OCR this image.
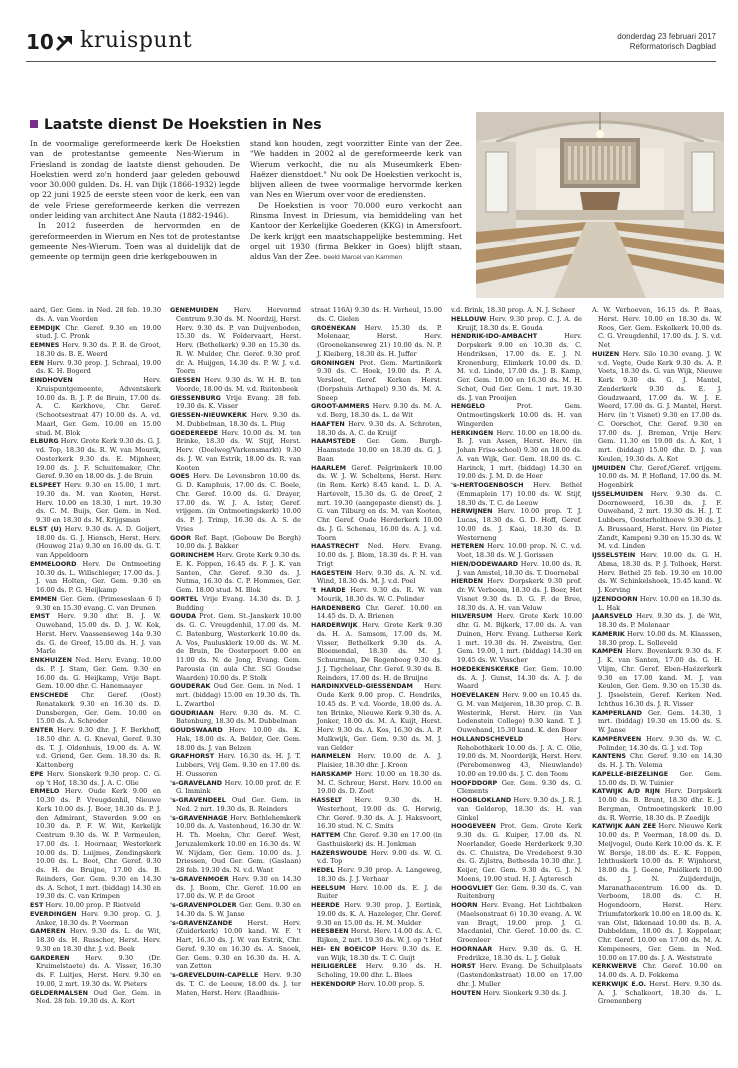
10 kruispunt	donderdag 23 februari 2017
Reformatorisch Dagblad
Laatste dienst De Hoekstien in Nes

In de voormalige gereformeerde kerk De Hoekstien van de protestantse gemeente Nes-Wierum in Friesland is zondag de laatste dienst gehouden. De Hoekstien werd zo'n honderd jaar geleden gebouwd voor 30.000 gulden. Ds. H. van Dijk (1866-1932) legde op 22 juni 1925 de eerste steen voor de kerk, een van de vele Friese gereformeerde kerken die verrezen onder leiding van architect Ane Nauta (1882-1946).

In 2012 fuseerden de hervormden en de gereformeerden in Wierum en Nes tot de protestantse gemeente Nes-Wierum. Toen was al duidelijk dat de gemeente op termijn geen drie kerkgebouwen in

stand kon houden, zegt voorzitter Einte van der Zee. "We hadden in 2002 al de gereformeerde kerk van Wierum verkocht, die nu als Museumkerk Eben-Haëzer dienstdoet." Nu ook De Hoekstien verkocht is, blijven alleen de twee voormalige hervormde kerken van Nes en Wierum over voor de erediensten.

De Hoekstien is voor 70.000 euro verkocht aan Rinsma Invest in Driesum, via bemiddeling van het Kantoor der Kerkelijke Goederen (KKG) in Amersfoort. De kerk krijgt een maatschappelijke bestemming. Het orgel uit 1930 (firma Bekker in Goes) blijft staan, aldus Van der Zee. beeld Marcel van Kammen

aard, Ger. Gem. in Ned. 28 feb. 19.30 ds. A. van Voorden

EEMDIJK Chr. Geref. 9.30 en 19.00 stud. J. C. Pronk

EEMNES Herv. 9.30 ds. P. B. de Groot, 18.30 ds. B. E. Weerd

EEN Herv. 9.30 prop. J. Schraal, 19.00 ds. K. H. Bogerd

EINDHOVEN	Herv. Kruispuntgemeente, Adventskerk 10.00 ds. B. J. P. de Bruin, 17.00 ds. A. C. Kerkhove, Chr. Geref. (Schootsestraat 47) 10.00 ds. A. vd. Maarl, Ger. Gem. 10.00 en 15.00 stud. M. Blok

ELBURG Herv. Grote Kerk 9.30 ds. G. J. vd. Top, 18.30 ds. R. W. van Mourik, Oosterkerk 9.30 ds. E. Mijnheer, 19.00 ds. J. F. Schuitemaker, Chr. Geref. 9.30 en 18.00 ds. J. de Bruin

ELSPEET Herv. 9.30 en 15.00, 1 mrt. 19.30 ds. M. van Kooten, Herst. Herv. 10.00 en 18.30, 1 mrt. 19.30 ds. C. M. Buijs, Ger. Gem. in Ned. 9.30 en 18.30 ds. M. Krijgsman

ELST (U) Herv. 9.30 ds. A. D. Goijert, 18.00 ds. G. J. Hiensch, Herst. Herv. (Houweg 21a) 9.30 en 16.00 ds. G. T. van Appeldoorn

EMMELOORD Herv. De Ontmoeting 10.30 ds. L. Willschleger, 17.00 ds. J. J. van Holten, Ger. Gem. 9.30 en 16.00 ds. P. G. Heijkamp

EMMEN Ger. Gem. (Primeseslaan 6 I) 9.30 en 15.30 evang. C. van Drunen

EMST Herv. 9.30 dhr. B. J. W. Ouwehand, 15.00 ds. D. J. W. Kok, Herst. Herv. Vaassenseweg 14a 9.30 ds. G. de Greef, 15.00 ds. H. J. van Marle

ENKHUIZEN Ned. Herv. Evang. 10.00 ds. P. J. Stam, Ger. Gem. 9.30 en 16.00 ds. G. Heijkamp, Vrije Bapt. Gem. 10.00 dhr. C. Hanemaayer

ENSCHEDE Chr. Geref. (Oost) Renatakerk 9.30 en 16.30 ds. D. Dunsbergen, Ger. Gem. 10.00 en 15.00 ds. A. Schroder

ENTER Herv. 9.30 dhr. J. F. Berkhoff, 18.50 dhr. A. G. Kneval, Geref. 9.30 ds. T. J. Oldenhuis, 19.00 ds. A. W. v.d. Griend, Ger. Gem. 18.30 ds. R. Kattenberg

EPE Herv. Sionskerk 9.30 prop. C. G. op 't Hof, 18.30 ds. J. A. C. Olie

ERMELO Herv. Oude Kerk 9.00 en 10.30 ds. P. Vreugdenhil, Nieuwe Kerk 10.00 ds. J. Boer, 18.30 ds. P. J. den Admirant, Staverden 9.00 en 10.30 ds. P. F. W. Wit, Kerkelijk Centrum 9.30 ds. W. P. Vermeulen, 17.00 ds. I. Hoornaar, Westerkerk 10.00 ds. D. Luijmes, Zendingskerk 10.00 ds. L. Boot, Chr. Geref. 9.30 ds. H. de Bruijne, 17.00 ds. B. Reinders, Ger. Gem. 9.30 en 14.30 ds. A. Schot, 1 mrt. (biddag) 14.30 en 19.30 ds. C. van Krimpen

EST Herv. 10.00 prop. P. Rietveld

EVERDINGEN Herv. 9.30 prop. G. J. Anker, 18.30 ds. P. Veerman

GAMEREN Herv. 9.30 ds. L. de Wit, 18.30 ds. H. Russcher, Herst. Herv. 9.30 en 18.30 dhr. J. v.d. Beek

GARDEREN Herv. 9.30 (Dr. Kruimelstaete) ds. A. Visser, 16.30 ds. F. Luitjes, Herst. Herv. 9.30 en 19.00, 2 mrt. 19.30 ds. W. Pieters

GELDERMALSEN Oud Ger. Gem. in Ned. 28 feb. 19.30 ds. A. Kort

GENEMUIDEN Herv. Hervormd Centrum 9.30 ds. M. Noordzij, Herst. Herv. 9.30 ds. P. van Duijvenboden, 15.30 ds. W. Foldervaart, Herst. Herv. (Bethelkerk) 9.30 en 15.30 ds. R. W. Mulder, Chr. Geref. 9.30 prof. dr. A. Huijgen, 14.30 ds. P. W. J. v.d. Toorn

GIESSEN Herv. 9.30 ds. W. H. B. ten Voorde, 18.00 ds. M. v.d. Ruitenbeek

GIESSENBURG Vrije Evang. 28 feb. 19.30 ds. K. Visser

GIESSEN-NIEUWKERK Herv. 9.30 ds. M. Dubbelman, 18.30 ds. L. Plug

GOEDEREEDE Herv. 10.00 ds. M. ten Brinke, 18.30 ds. W. Stijf, Herst. Herv. (Doelweg/Varkensmarkt) 9.30 ds. J. W. van Estrik, 18.00 ds. R. van Kooten

GOES Herv. De Levensbron 10.00 ds. G. D. Kamphuis, 17.00 ds. C. Boele, Chr. Geref. 10.00 ds. G. Drayer, 17.00 ds. W. J. A. Ister, Geref. vrijgem. (in Ontmoetingskerk) 10.00 ds. P. J. Trimp, 16.30 ds. A. S. de Vries

GOOR Ref. Bapt. (Gebouw De Borgh) 10.00 ds. J. Bakker

GORINCHEM Herv. Grote Kerk 9.30 ds. E. K. Foppen, 16.45 ds. F. J. K. van Santen, Chr. Geref. 9.30 ds. J. Nutma, 16.30 ds. C. P. Hommes, Ger. Gem. 18.00 stud. M. Blok

GORTEL Vrije Evang. 14.30 ds. D. J. Budding

GOUDA Prot. Gem. St.-Janskerk 10.00 ds. G. C. Vreugdenhil, 17.00 ds. M. C. Batenburg, Westerkerk 10.00 ds. A. Vos, Paulusklerk 19.00 ds. W. M. de Bruin, De Oosterpoort 9.00 en 11.00 ds. N. de Jong, Evang. Gem. Parousia (in aula Chr. SG Goudse Waarden) 10.00 ds. P. Stolk

GOUDERAK Oud Ger. Gem. in Ned. 1 mrt. (biddag) 15.00 en 19.30 ds. Th. L. Zwartbol

GOUDRIAAN Herv. 9.30 ds. M. C. Batenburg, 18.30 ds. M. Dubbelman

GOUDSWAARD Herv. 10.00 ds. K. Hak, 18.00 ds. A. Belder, Ger. Gem. 18.00 ds. J. van Belzen

GRAFHORST Herv. 16.30 ds. H. J. T. Lubbers, Vrij Gem. 9.30 en 17.00 ds. H. Oussoren

's-GRAVELAND Herv. 10.00 prof. dr. F. G. Immink

's-GRAVENDEEL Oud Ger. Gem. in Ned. 2 mrt. 19.30 ds. B. Reinders

's-GRAVENHAGE Herv. Bethlehemkerk 10.00 ds. A. Vastenhoud, 16.30 dr. W. H. Th. Moehn, Chr. Geref. West, Jeruzalemkerk 10.00 en 16.30 ds. W. W. Nijdam, Ger. Gem. 10.00 ds. J. Driessen, Oud Ger. Gem. (Gaslaan) 28 feb. 19.30 ds. N. v.d. Want

's-GRAVENMOER Herv. 9.30 en 14.30 ds. J. Boom, Chr. Geref. 10.00 en 17.00 ds. W. P. de Groot

's-GRAVENPOLDER Ger. Gem. 9.30 en 14.30 ds. S. W. Janse

's-GRAVENZANDE Herst. Herv. (Zuiderkerk) 10.00 kand. W. F. 't Hart, 16.30 ds. J. W. van Estrik, Chr. Geref. 9.30 en 16.30 ds. A. Snoek, Ger. Gem. 9.30 en 16.30 ds. H. A. van Zetten

's-GREVELDUIN-CAPELLE Herv. 9.30 ds. T. C. de Leeuw, 18.00 ds. J. ter Maten, Herst. Herv. (Raadhuis-

straat 116A) 9.30 ds. H. Verheul, 15.00 ds. C. Gielen

GROENEKAN Herv. 15.30 ds. P. Molenaar, Herst. Herv. (Groenekanseweg 21) 10.00 ds. N. P. J. Kleiberg, 18.30 ds. H. Juffer

GRONINGEN Prot. Gem. Martinikerk 9.30 ds. C. Hoek, 19.00 ds. P. A. Versloot, Geref. Kerken Herst. (Dorpshuis Arthapel) 9.30 ds. M. A. Sneep

GROOT-AMMERS Herv. 9.30 ds. M. A. v.d. Berg, 18.30 ds. L. de Wit

HAAFTEN Herv. 9.30 ds. A. Schroten, 18.30 ds. A. C. de Kruijf

HAAMSTEDE Ger. Gem. Burgh-Haamstede 10.00 en 18.30 ds. G. J. Baan

HAARLEM Geref. Pelgrimkerk 10.00 ds. W. J. W. Scheltens, Herst. Herv. (in Rem. Kerk) 8.45 kand. L. D. A. Hartevelt, 15.30 ds. G. de Greef, 2 mrt. 19.30 (aangepaste dienst) ds. J. G. van Tilburg en ds. M. van Kooten, Chr. Geref. Oude Herderkerk 10.00 ds. J. G. Schenau, 16.00 ds. A. J. v.d. Toorn

HAASTRECHT Ned. Herv. Evang. 10.00 ds. J. Blom, 18.30 ds. P. H. van Trigt

HAGESTEIN Herv. 9.30 ds. A. N. v.d. Wind, 18.30 ds. M. J. v.d. Poel

't HARDE Herv. 9.30 ds. R. W. van Mourik, 18.30 ds. W. C. Polinder

HARDENBERG Chr. Geref. 10.00 en 14.45 ds. D. A. Brienen

HARDERWIJK Herv. Grote Kerk 9.30 ds. H. A. Samsom, 17.00 ds. M. Visser, Bethelkerk 9.30 ds. A. Bloemendal, 18.30 ds. M. J. Schuurman, De Regenboog 9.30 ds. J. J. Tigchelaar, Chr. Geref. 9.30 ds. B. Reinders, 17.00 ds. H. de Bruijne

HARDINXVELD-GIESSENDAM Herv. Oude Kerk 9.00 prop. C. Hendriks, 10.45 ds. P. v.d. Voorde, 18.00 ds. A. ten Brinke, Nieuwe Kerk 9.30 ds. A. Jonker, 18.00 ds. M. A. Kuijt, Herst. Herv. 9.30 ds. A. Kos, 16.30 ds. A. P. Mulkwijk, Ger. Gem. 9.30 ds. M. J. van Gelder

HARMELEN Herv. 10.00 dr. A. J. Plaisier, 18.30 dhr. J. Kroon

HARSKAMP Herv. 10.00 en 18.30 ds. M. C. Schreur, Herst. Herv. 10.00 en 19.00 ds. D. Zoet

HASSELT Herv. 9.30 ds. H. Westerhout, 19.00 ds. G. Herwig, Chr. Geref. 9.30 ds. A. J. Haksvoort, 16.30 stud. N. C. Smits

HATTEM Chr. Geref. 9.30 en 17.00 (in Gasthuiskerk) ds. H. Jonkman

HAZERSWOUDE Herv. 9.00 ds. W. G. v.d. Top

HEDEL Herv. 9.30 prop. A. Langeweg, 18.30 ds. J. J. Verhaar

HEELSUM Herv. 10.00 ds. E. J. de Ruiter

HEERDE Herv. 9.30 prop. J. Eertink, 19.00 ds. K. A. Hazeleger, Chr. Geref. 9.30 en 15.00 ds. H. M. Mulder

HEESBEEN Herst. Herv. 14.00 ds. A. C. Rijken, 2 mrt. 19.30 ds. W. J. op 't Hof

HEI- EN BOEICOP Herv. 9.30 ds. E. van Wijk, 18.30 ds. T. C. Guijt

HEILIGERLEE Herv. 9.30 ds. H. Scholing, 19.00 dhr. L. Blees

HEKENDORP Herv. 10.00 prop. S.

v.d. Brink, 18.30 prop. A. N. J. Scheer

HELLOUW Herv. 9.30 prop. C. J. A. de Kruijf, 18.30 ds. E. Gouda

HENDRIK-IDO-AMBACHT	Herv. Dorpskerk 9.00 en 10.30 ds. C. Hendriksen, 17.00 ds. E. J. N. Kronenburg, Elimkerk 10.00 ds. D. M. v.d. Linde, 17.00 ds. J. B. Kamp, Ger. Gem. 10.00 en 16.30 ds. M. H. Schot, Oud Ger. Gem. 1 mrt. 19.30 ds. J. van Prooijen

HENGELO	Prot. Gem. Ontmoetingskerk 10.00 ds. H. van Wingerden

HERKINGEN Herv. 10.00 en 18.00 ds. B. J. van Assen, Herst. Herv. (in Johan Friso-school) 9.30 en 18.00 ds. A. van Wijk, Ger. Gem. 18.00 ds. C. Harinck, 1 mrt. (biddag) 14.30 en 19.00 ds. J. M. D. de Heer

's-HERTOGENBOSCH Herv. Bethel (Emmaplein 17) 10.00 ds. W. Stijf, 18.30 ds. T. C. de Leeuw

HERWIJNEN Herv. 10.00 prop. T. J. Lucas, 18.30 ds. G. D. Hoff, Geref. 10.00 ds. J. Kaai, 18.30 ds. D. Westerneng

HETEREN Herv. 10.00 prop. N. C. v.d. Voet, 18.30 ds. W. J. Gorissen

HIEN/DODEWAARD Herv. 10.00 ds. R. J. van Amstel, 18.30 ds. T. Doornebal

HIERDEN Herv. Dorpskerk 9.30 prof. dr. W. Verboom, 18.30 ds. J. Boer, Het Visnet 9.30 ds. D. G. F. de Bree, 18.30 ds. A. H. van Veluw

HILVERSUM Herv. Grote Kerk 10.00 dhr. G. M. Bijkerk, 17.00 ds. A. van Duinen, Herv. Evang. Lutherse Kerk 1 mrt. 19.30 ds. H. Zweistra, Ger. Gem. 19.00, 1 mrt. (biddag) 14.30 en 19.45 ds. W. Visscher

HOEDEKENSKERKE Ger. Gem. 10.00 ds. A. J. Gunst, 14.30 ds. A. J. de Waard

HOEVELAKEN Herv. 9.00 en 10.45 ds. G. M. van Meijeren, 18.30 prop. C. B. Westerink, Herst. Herv. (in Van Lodenstein College) 9.30 kand. T. J. Ouwehand, 15.30 kand. K. den Boer

HOLLANDSCHEVELD	Herv. Rehobothkerk 10.00 ds. J. A. C. Olie, 19.00 ds. M. Noorderijk, Herst. Herv. (Perebomenweg 43, Nieuwlande) 10.00 en 19.00 ds. J. C. den Toom

HOOFDDORP Ger. Gem. 9.30 ds. G. Clements

HOOGBLOKLAND Herv. 9.30 ds. J. R. J. van Gelderop, 18.30 ds. H. van Ginkel

HOOGEVEEN Prot. Gem. Grote Kerk 9.30 ds. G. Kuiper, 17.00 ds. N. Noorlander, Goede Herderkerk 9.30 ds. C. Chuistra, De Vredehorst 9.30 ds. G. Zijlstra, Bethesda 10.30 dhr. J. Keijer, Ger. Gem. 9.30 ds. G. J. N. Moens, 19.00 stud. H. J. Agteresch

HOOGVLIET Ger. Gem. 9.30 ds. C. van Ruitenburg

HOORN Herv. Evang. Het Lichtbaken (Maelsonstraat 6) 10.30 evang. A. W. van Bragt, 19.00 prop. J. G. Macdaniel, Chr. Geref. 10.00 ds. C. Groenleer

HOORNAAR Herv. 9.30 ds. G. H. Fredrikze, 18.30 ds. L. J. Geluk

HORST Herv. Evang. De Schuilplaats (Gastendonkstraat) 10.00 en 17.00 dhr. J. Muller

HOUTEN Herv. Sionkerk 9.30 ds. J.

A. W. Verhoeven, 16.15 ds. P. Baas, Herst. Herv. 10.00 en 18.30 ds. W. Roos, Ger. Gem. Eskolkerk 10.00 ds. C. G. Vreugdenhil, 17.00 ds. J. S. v.d. Net

HUIZEN Herv. Silo 10.30 evang. J. W. v.d. Vegte, Oude Kerk 9.30 ds. A. P. Voets, 18.30 ds. G. van Wijk, Nieuwe Kerk 9.30 ds. G. J. Mantel, Zenderkerk 9.30 ds. E. J. Goudzwaard, 17.00 ds. W. J. E. Weerd, 17.00 ds. G. J. Mantel, Herst. Herv. (in 't Visnet) 9.30 en 17.00 ds. C. Oorschot, Chr. Geref. 9.30 en 17.00 ds. J. Breman, Vrije Herv. Gem. 11.30 en 19.00 ds. A. Kot, 1 mrt. (biddag) 15.00 dhr. D. J. van Keulen, 19.30 ds. A. Kot

IJMUIDEN Chr. Geref./Geref. vrijgem. 10.00 ds. M. P. Hofland, 17.00 ds. M. Hogenbirk

IJSSELMUIDEN Herv. 9.30 ds. C. Doorneweerd, 16.30 ds. J. F. Ouwehand, 2 mrt. 19.30 ds. H. J. T. Lubbers, Oosterholthoeve 9.30 ds. J. A. Brussaard, Herst. Herv. (in Pieter Zandt, Kampen) 9.30 en 15.30 ds. W. M. v.d. Linden

IJSSELSTEIN Herv. 10.00 ds. G. H. Abma, 18.30 ds. P. J. Tolhoek, Herst. Herv. Bethel 25 feb. 19.30 en 10.00 ds. W. Schinkelshoek, 15.45 kand. W. J. Korving

IJZENDOORN Herv. 10.00 en 18.30 ds. L. Hak

JAARSVELD Herv. 9.30 ds. J. de Wit, 18.30 ds. P. Molenaar

KAMERIK Herv. 10.00 ds. M. Klaassen, 18.30 prop. L. Solleveld

KAMPEN Herv. Bovenkerk 9.30 ds. F. J. K. van Santen, 17.00 ds. G. H. Vlijm, Chr. Geref. Eben-Haëzerkerk 9.30 en 17.00 kand. M. J. van Keulen, Ger. Gem. 9.30 en 15.30 ds. J. IJsselstein, Geref. Kerken Ned. Ichthus 16.30 ds. J. R. Visser

KAMPERLAND Ger. Gem. 14.30, 1 mrt. (biddag) 19.30 en 15.00 ds. S. W. Janse

KAMPERVEEN Herv. 9.30 ds. W. C. Polinder, 14.30 ds. G. J. v.d. Top

KANTENS Chr. Geref. 9.30 en 14.30 ds. H. J. Th. Velema

KAPELLE-BIEZELINGE Ger. Gem. 15.00 ds. D. W. Tuinier

KATWIJK A/D RIJN Herv. Dorpskerk 10.00 ds. B. Brunt, 18.30 dhr. E. J. Bergman, Ontmoetingskerk 10.00 ds. R. Werrie, 18.30 ds. P. Zeedijk

KATWIJK AAN ZEE Herv. Nieuwe Kerk 10.00 ds. P. Veerman, 18.00 ds. D. Meijvogel, Oude Kerk 10.00 ds. K. F. W. Borsje, 18.00 ds. E. K. Foppen, Ichthuskerk 10.00 ds. F. Wijnhorst, 18.00 ds. J. Geene, Pniëlkerk 10.00 ds. J. N. Zuijderduijn, Maranathacentrum 16.00 ds. D. Verboom, 18.00 ds. C. H. Hogendoorn, Herst. Herv. Triumfatorkerk 10.00 en 18.00 ds. K. van Olst, Ikkenaad 10.00 ds. B. A. Dubbeldam, 18.00 ds. J. Koppelaar, Chr. Geref. 10.00 en 17.00 ds. M. A. Kempeneers, Ger. Gem. in Ned. 10.00 en 17.00 ds. J. A. Weststrate

KERKWERVE Chr. Geref. 10.00 en 14.00 ds. A. D. Fokkema

KERKWIJK E.O. Herst. Herv. 9.30 ds. A. J. Schalkoort, 18.30 ds. L. Groenenberg
